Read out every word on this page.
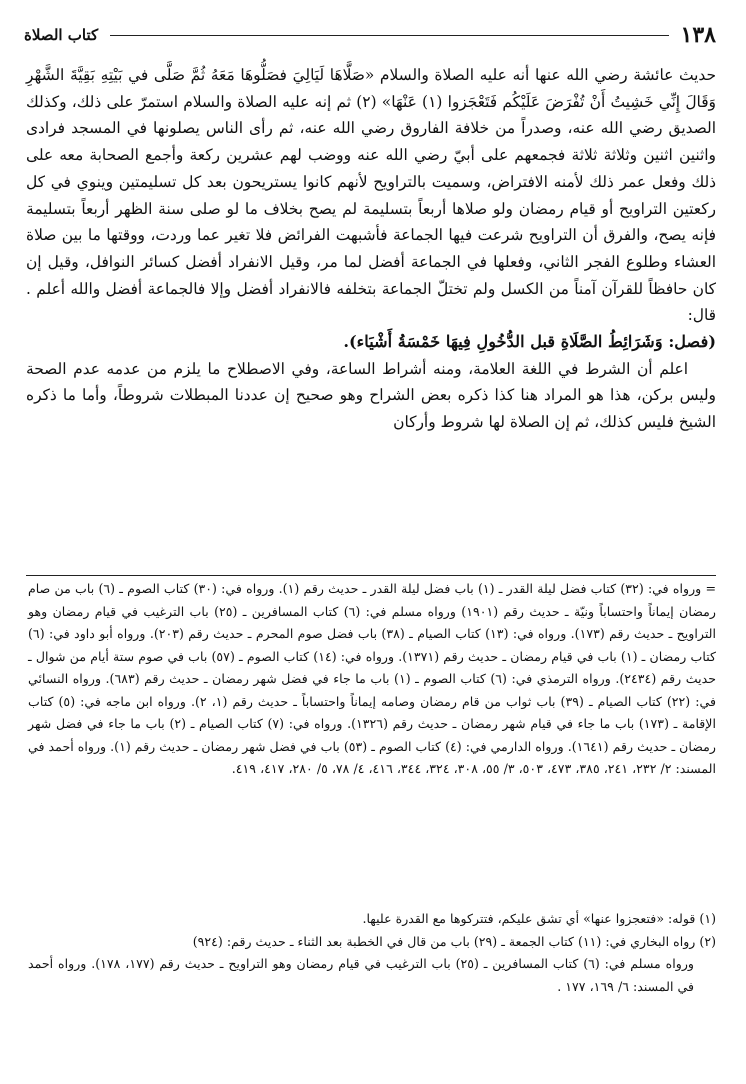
١٣٨
كتاب الصلاة

حديث عائشة رضي الله عنها أنه عليه الصلاة والسلام «صَلَّاهَا لَيَالِيَ فصَلُّوهَا مَعَهُ ثُمَّ صَلَّى في بَيْتِهِ بَقِيَّةَ الشَّهْرِ وَقَالَ إِنِّي خَشِيتُ أَنْ تُفْرَضَ عَلَيْكُم فَتَعْجَزوا (١) عَنْهَا» (٢) ثم إنه عليه الصلاة والسلام استمرّ على ذلك، وكذلك الصديق رضي الله عنه، وصدراً من خلافة الفاروق رضي الله عنه، ثم رأى الناس يصلونها في المسجد فرادى واثنين اثنين وثلاثة ثلاثة فجمعهم على أبيّ رضي الله عنه ووضب لهم عشرين ركعة وأجمع الصحابة معه على ذلك وفعل عمر ذلك لأمنه الافتراض، وسميت بالتراويح لأنهم كانوا يستريحون بعد كل تسليمتين وينوي في كل ركعتين التراويح أو قيام رمضان ولو صلاها أربعاً بتسليمة لم يصح بخلاف ما لو صلى سنة الظهر أربعاً بتسليمة فإنه يصح، والفرق أن التراويح شرعت فيها الجماعة فأشبهت الفرائض فلا تغير عما وردت، ووقتها ما بين صلاة العشاء وطلوع الفجر الثاني، وفعلها في الجماعة أفضل لما مر، وقيل الانفراد أفضل كسائر النوافل، وقيل إن كان حافظاً للقرآن آمناً من الكسل ولم تختلّ الجماعة بتخلفه فالانفراد أفضل وإلا فالجماعة أفضل والله أعلم . قال:

(فصل: وَشَرَائِطُ الصَّلَاةِ قبل الدُّخُولِ فِيهَا خَمْسَةُ أَشْيَاء).

اعلم أن الشرط في اللغة العلامة، ومنه أشراط الساعة، وفي الاصطلاح ما يلزم من عدمه عدم الصحة وليس بركن، هذا هو المراد هنا كذا ذكره بعض الشراح وهو صحيح إن عددنا المبطلات شروطاً، وأما ما ذكره الشيخ فليس كذلك، ثم إن الصلاة لها شروط وأركان

= ورواه في: (٣٢) كتاب فضل ليلة القدر ـ (١) باب فضل ليلة القدر ـ حديث رقم (١). ورواه في: (٣٠) كتاب الصوم ـ (٦) باب من صام رمضان إيماناً واحتساباً ونيّة ـ حديث رقم (١٩٠١) ورواه مسلم في: (٦) كتاب المسافرين ـ (٢٥) باب الترغيب في قيام رمضان وهو التراويح ـ حديث رقم (١٧٣). ورواه في: (١٣) كتاب الصيام ـ (٣٨) باب فضل صوم المحرم ـ حديث رقم (٢٠٣). ورواه أبو داود في: (٦) كتاب رمضان ـ (١) باب في قيام رمضان ـ حديث رقم (١٣٧١). ورواه في: (١٤) كتاب الصوم ـ (٥٧) باب في صوم ستة أيام من شوال ـ حديث رقم (٢٤٣٤). ورواه الترمذي في: (٦) كتاب الصوم ـ (١) باب ما جاء في فضل شهر رمضان ـ حديث رقم (٦٨٣). ورواه النسائي في: (٢٢) كتاب الصيام ـ (٣٩) باب ثواب من قام رمضان وصامه إيماناً واحتساباً ـ حديث رقم (١، ٢). ورواه ابن ماجه في: (٥) كتاب الإقامة ـ (١٧٣) باب ما جاء في قيام شهر رمضان ـ حديث رقم (١٣٢٦). ورواه في: (٧) كتاب الصيام ـ (٢) باب ما جاء في فضل شهر رمضان ـ حديث رقم (١٦٤١). ورواه الدارمي في: (٤) كتاب الصوم ـ (٥٣) باب في فضل شهر رمضان ـ حديث رقم (١). ورواه أحمد في المسند: ٢/ ٢٣٢، ٢٤١، ٣٨٥، ٤٧٣، ٥٠٣، ٣/ ٥٥، ٣٠٨، ٣٢٤، ٣٤٤، ٤١٦، ٤/ ٧٨، ٥/ ٢٨٠، ٤١٧، ٤١٩.

(١) قوله: «فتعجزوا عنها» أي تشق عليكم، فتتركوها مع القدرة عليها.

(٢) رواه البخاري في: (١١) كتاب الجمعة ـ (٢٩) باب من قال في الخطبة بعد الثناء ـ حديث رقم: (٩٢٤)

ورواه مسلم في: (٦) كتاب المسافرين ـ (٢٥) باب الترغيب في قيام رمضان وهو التراويح ـ حديث رقم (١٧٧، ١٧٨). ورواه أحمد في المسند: ٦/ ١٦٩، ١٧٧ .
